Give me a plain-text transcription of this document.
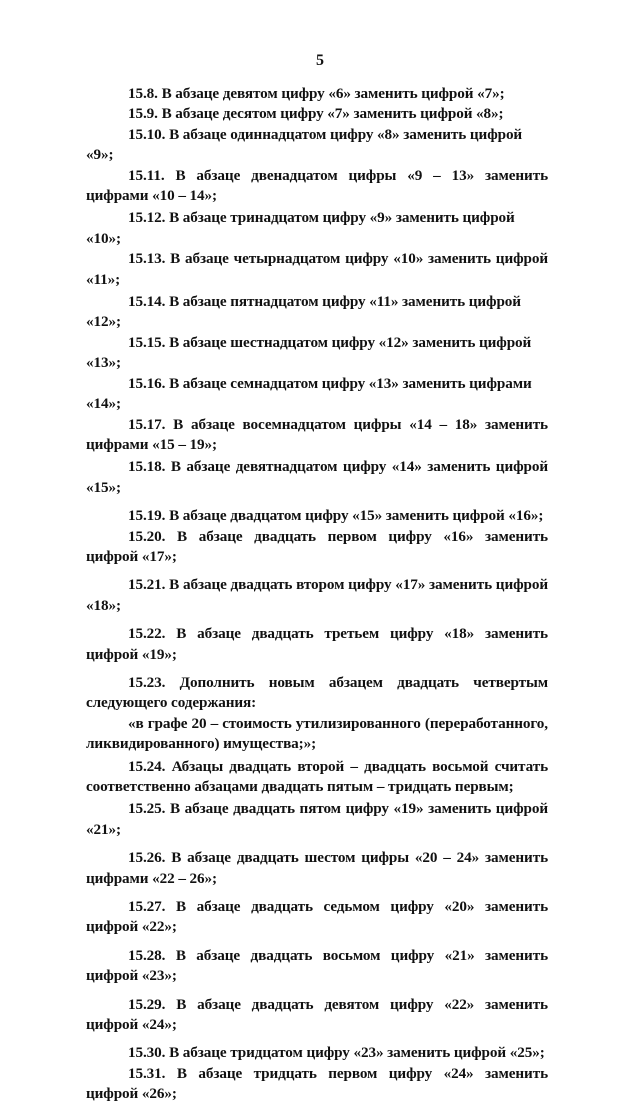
5

15.8. В абзаце девятом цифру «6» заменить цифрой «7»;

15.9. В абзаце десятом цифру «7» заменить цифрой «8»;

15.10. В абзаце одиннадцатом цифру «8» заменить цифрой «9»;

15.11. В абзаце двенадцатом цифры «9 – 13» заменить цифрами «10 – 14»;

15.12. В абзаце тринадцатом цифру «9» заменить цифрой «10»;

15.13. В абзаце четырнадцатом цифру «10» заменить цифрой «11»;

15.14. В абзаце пятнадцатом цифру «11» заменить цифрой «12»;

15.15. В абзаце шестнадцатом цифру «12» заменить цифрой «13»;

15.16. В абзаце семнадцатом цифру «13» заменить цифрами «14»;

15.17. В абзаце восемнадцатом цифры «14 – 18» заменить цифрами «15 – 19»;

15.18. В абзаце девятнадцатом цифру «14» заменить цифрой «15»;

15.19. В абзаце двадцатом цифру «15» заменить цифрой «16»;

15.20. В абзаце двадцать первом цифру «16» заменить цифрой «17»;

15.21. В абзаце двадцать втором цифру «17» заменить цифрой «18»;

15.22. В абзаце двадцать третьем цифру «18» заменить цифрой «19»;

15.23. Дополнить новым абзацем двадцать четвертым следующего содержания:

«в графе 20 – стоимость утилизированного (переработанного, ликвидированного) имущества;»;

15.24. Абзацы двадцать второй – двадцать восьмой считать соответственно абзацами двадцать пятым – тридцать первым;

15.25. В абзаце двадцать пятом цифру «19» заменить цифрой «21»;

15.26. В абзаце двадцать шестом цифры «20 – 24» заменить цифрами «22 – 26»;

15.27. В абзаце двадцать седьмом цифру «20» заменить цифрой «22»;

15.28. В абзаце двадцать восьмом цифру «21» заменить цифрой «23»;

15.29. В абзаце двадцать девятом цифру «22» заменить цифрой «24»;

15.30. В абзаце тридцатом цифру «23» заменить цифрой «25»;

15.31. В абзаце тридцать первом цифру «24» заменить цифрой «26»;
